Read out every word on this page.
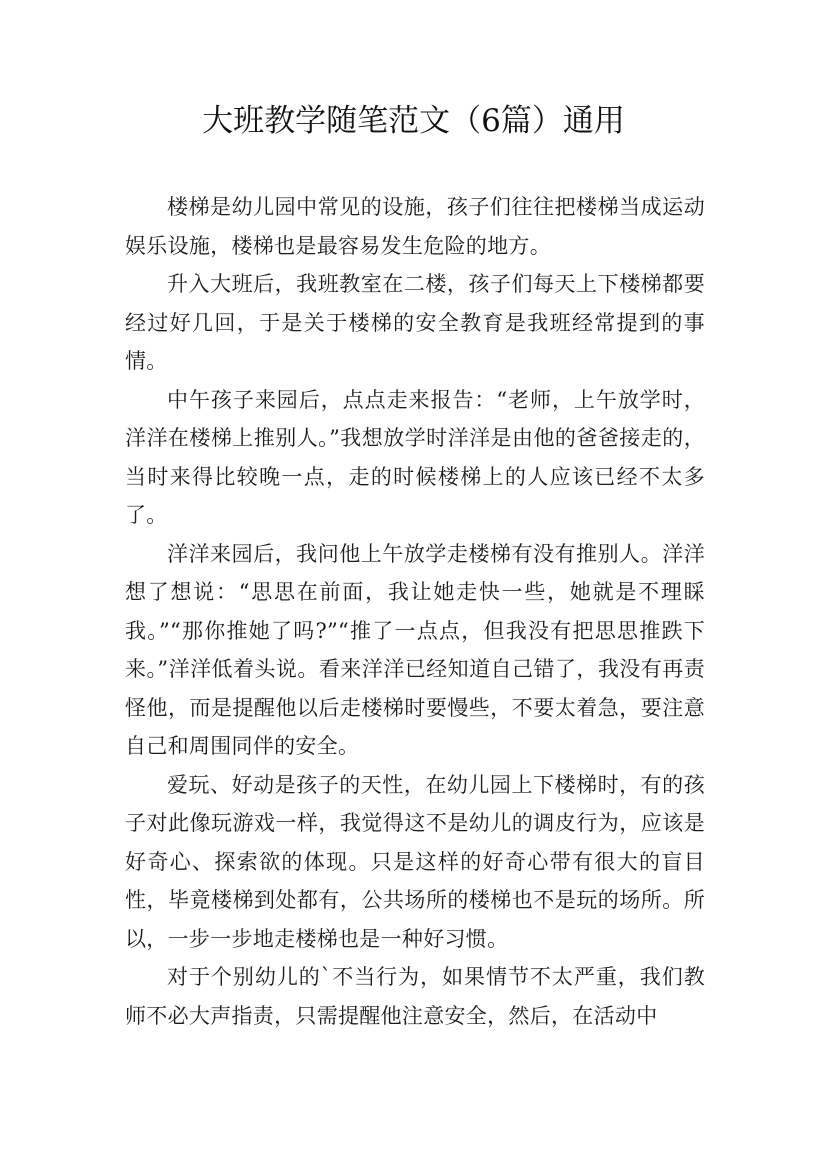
大班教学随笔范文（6篇）通用

楼梯是幼儿园中常见的设施，孩子们往往把楼梯当成运动娱乐设施，楼梯也是最容易发生危险的地方。

升入大班后，我班教室在二楼，孩子们每天上下楼梯都要经过好几回，于是关于楼梯的安全教育是我班经常提到的事情。

中午孩子来园后，点点走来报告：“老师，上午放学时，洋洋在楼梯上推别人。”我想放学时洋洋是由他的爸爸接走的，当时来得比较晚一点，走的时候楼梯上的人应该已经不太多了。

洋洋来园后，我问他上午放学走楼梯有没有推别人。洋洋想了想说：“思思在前面，我让她走快一些，她就是不理睬我。”“那你推她了吗?”“推了一点点，但我没有把思思推跌下来。”洋洋低着头说。看来洋洋已经知道自己错了，我没有再责怪他，而是提醒他以后走楼梯时要慢些，不要太着急，要注意自己和周围同伴的安全。

爱玩、好动是孩子的天性，在幼儿园上下楼梯时，有的孩子对此像玩游戏一样，我觉得这不是幼儿的调皮行为，应该是好奇心、探索欲的体现。只是这样的好奇心带有很大的盲目性，毕竟楼梯到处都有，公共场所的楼梯也不是玩的场所。所以，一步一步地走楼梯也是一种好习惯。

对于个别幼儿的`不当行为，如果情节不太严重，我们教师不必大声指责，只需提醒他注意安全，然后，在活动中
